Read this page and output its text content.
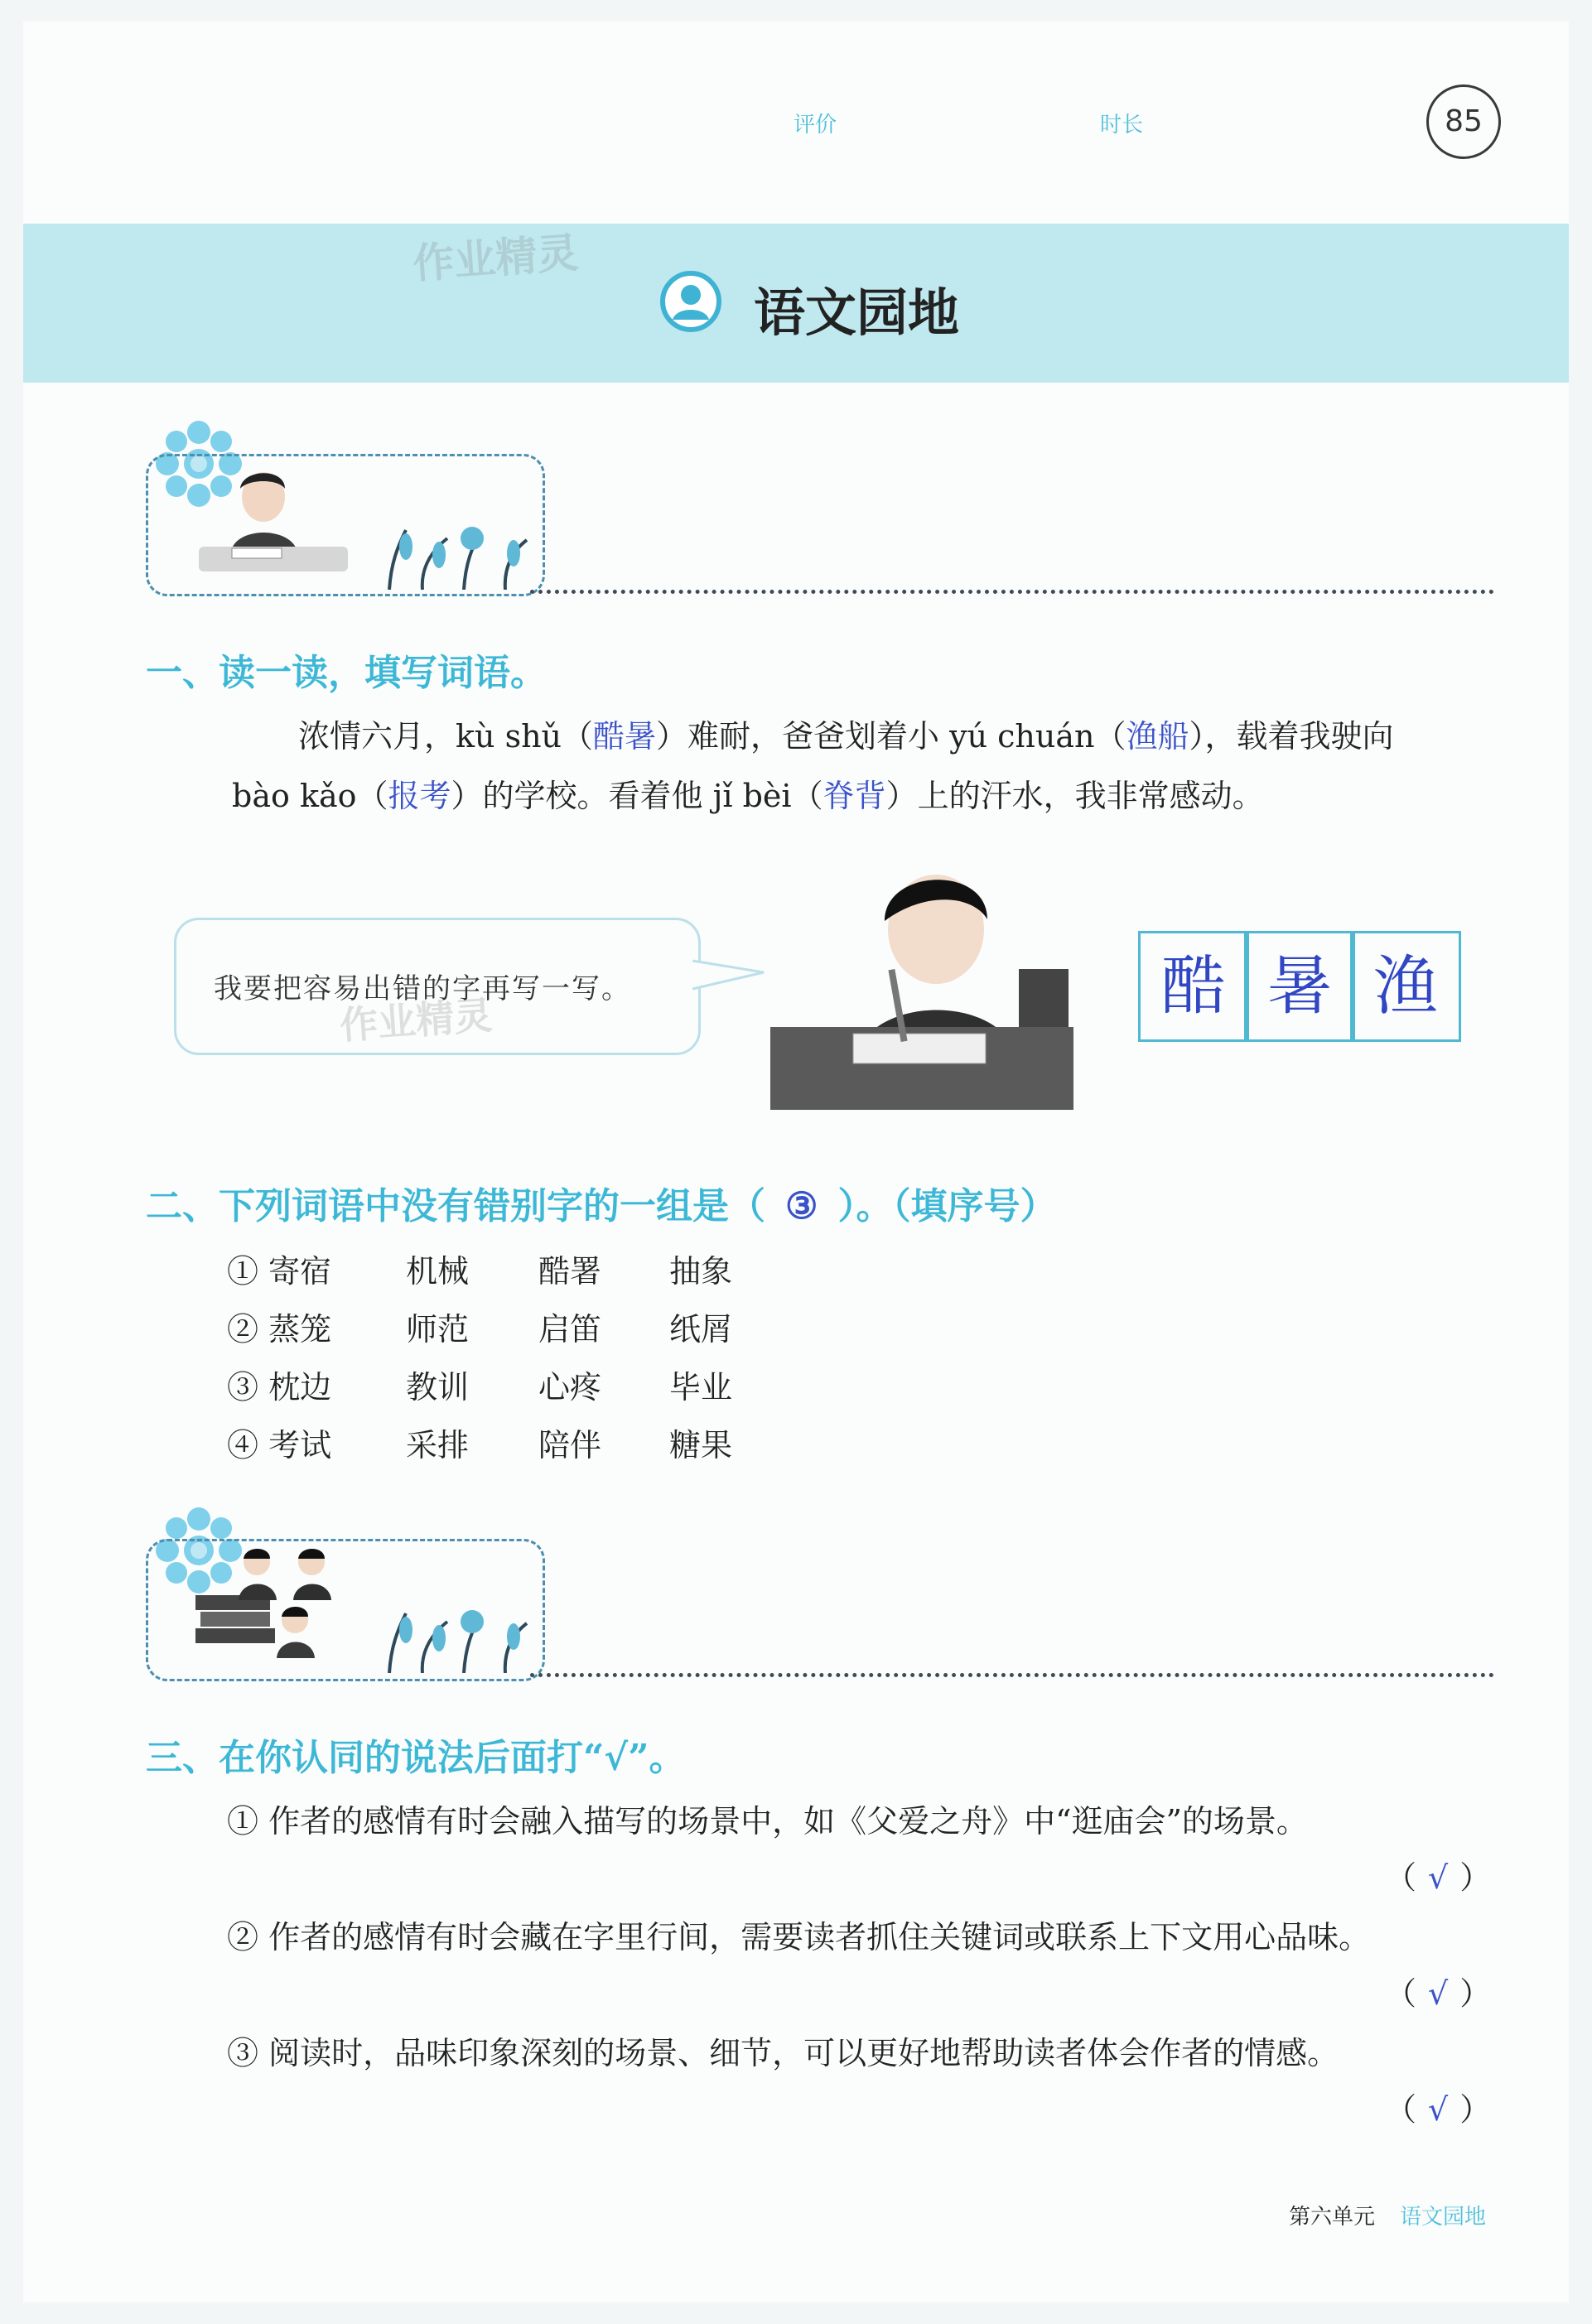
评价	时长	85
作业精灵
语文园地
一、读一读，填写词语。
浓情六月，kù shǔ（酷暑）难耐，爸爸划着小 yú chuán（渔船），载着我驶向
bào kǎo（报考）的学校。看着他 jǐ bèi（脊背）上的汗水，我非常感动。
我要把容易出错的字再写一写。
作业精灵	酷 暑 渔
二、下列词语中没有错别字的一组是（ ③ ）。（填序号）
① 寄宿 机械 酷署 抽象
② 蒸笼 师范 启笛 纸屑
③ 枕边 教训 心疼 毕业
④ 考试 采排 陪伴 糖果
三、在你认同的说法后面打“√”。
① 作者的感情有时会融入描写的场景中，如《父爱之舟》中“逛庙会”的场景。
（ √ ）
② 作者的感情有时会藏在字里行间，需要读者抓住关键词或联系上下文用心品味。
（ √ ）
③ 阅读时，品味印象深刻的场景、细节，可以更好地帮助读者体会作者的情感。
（ √ ）
第六单元 语文园地
